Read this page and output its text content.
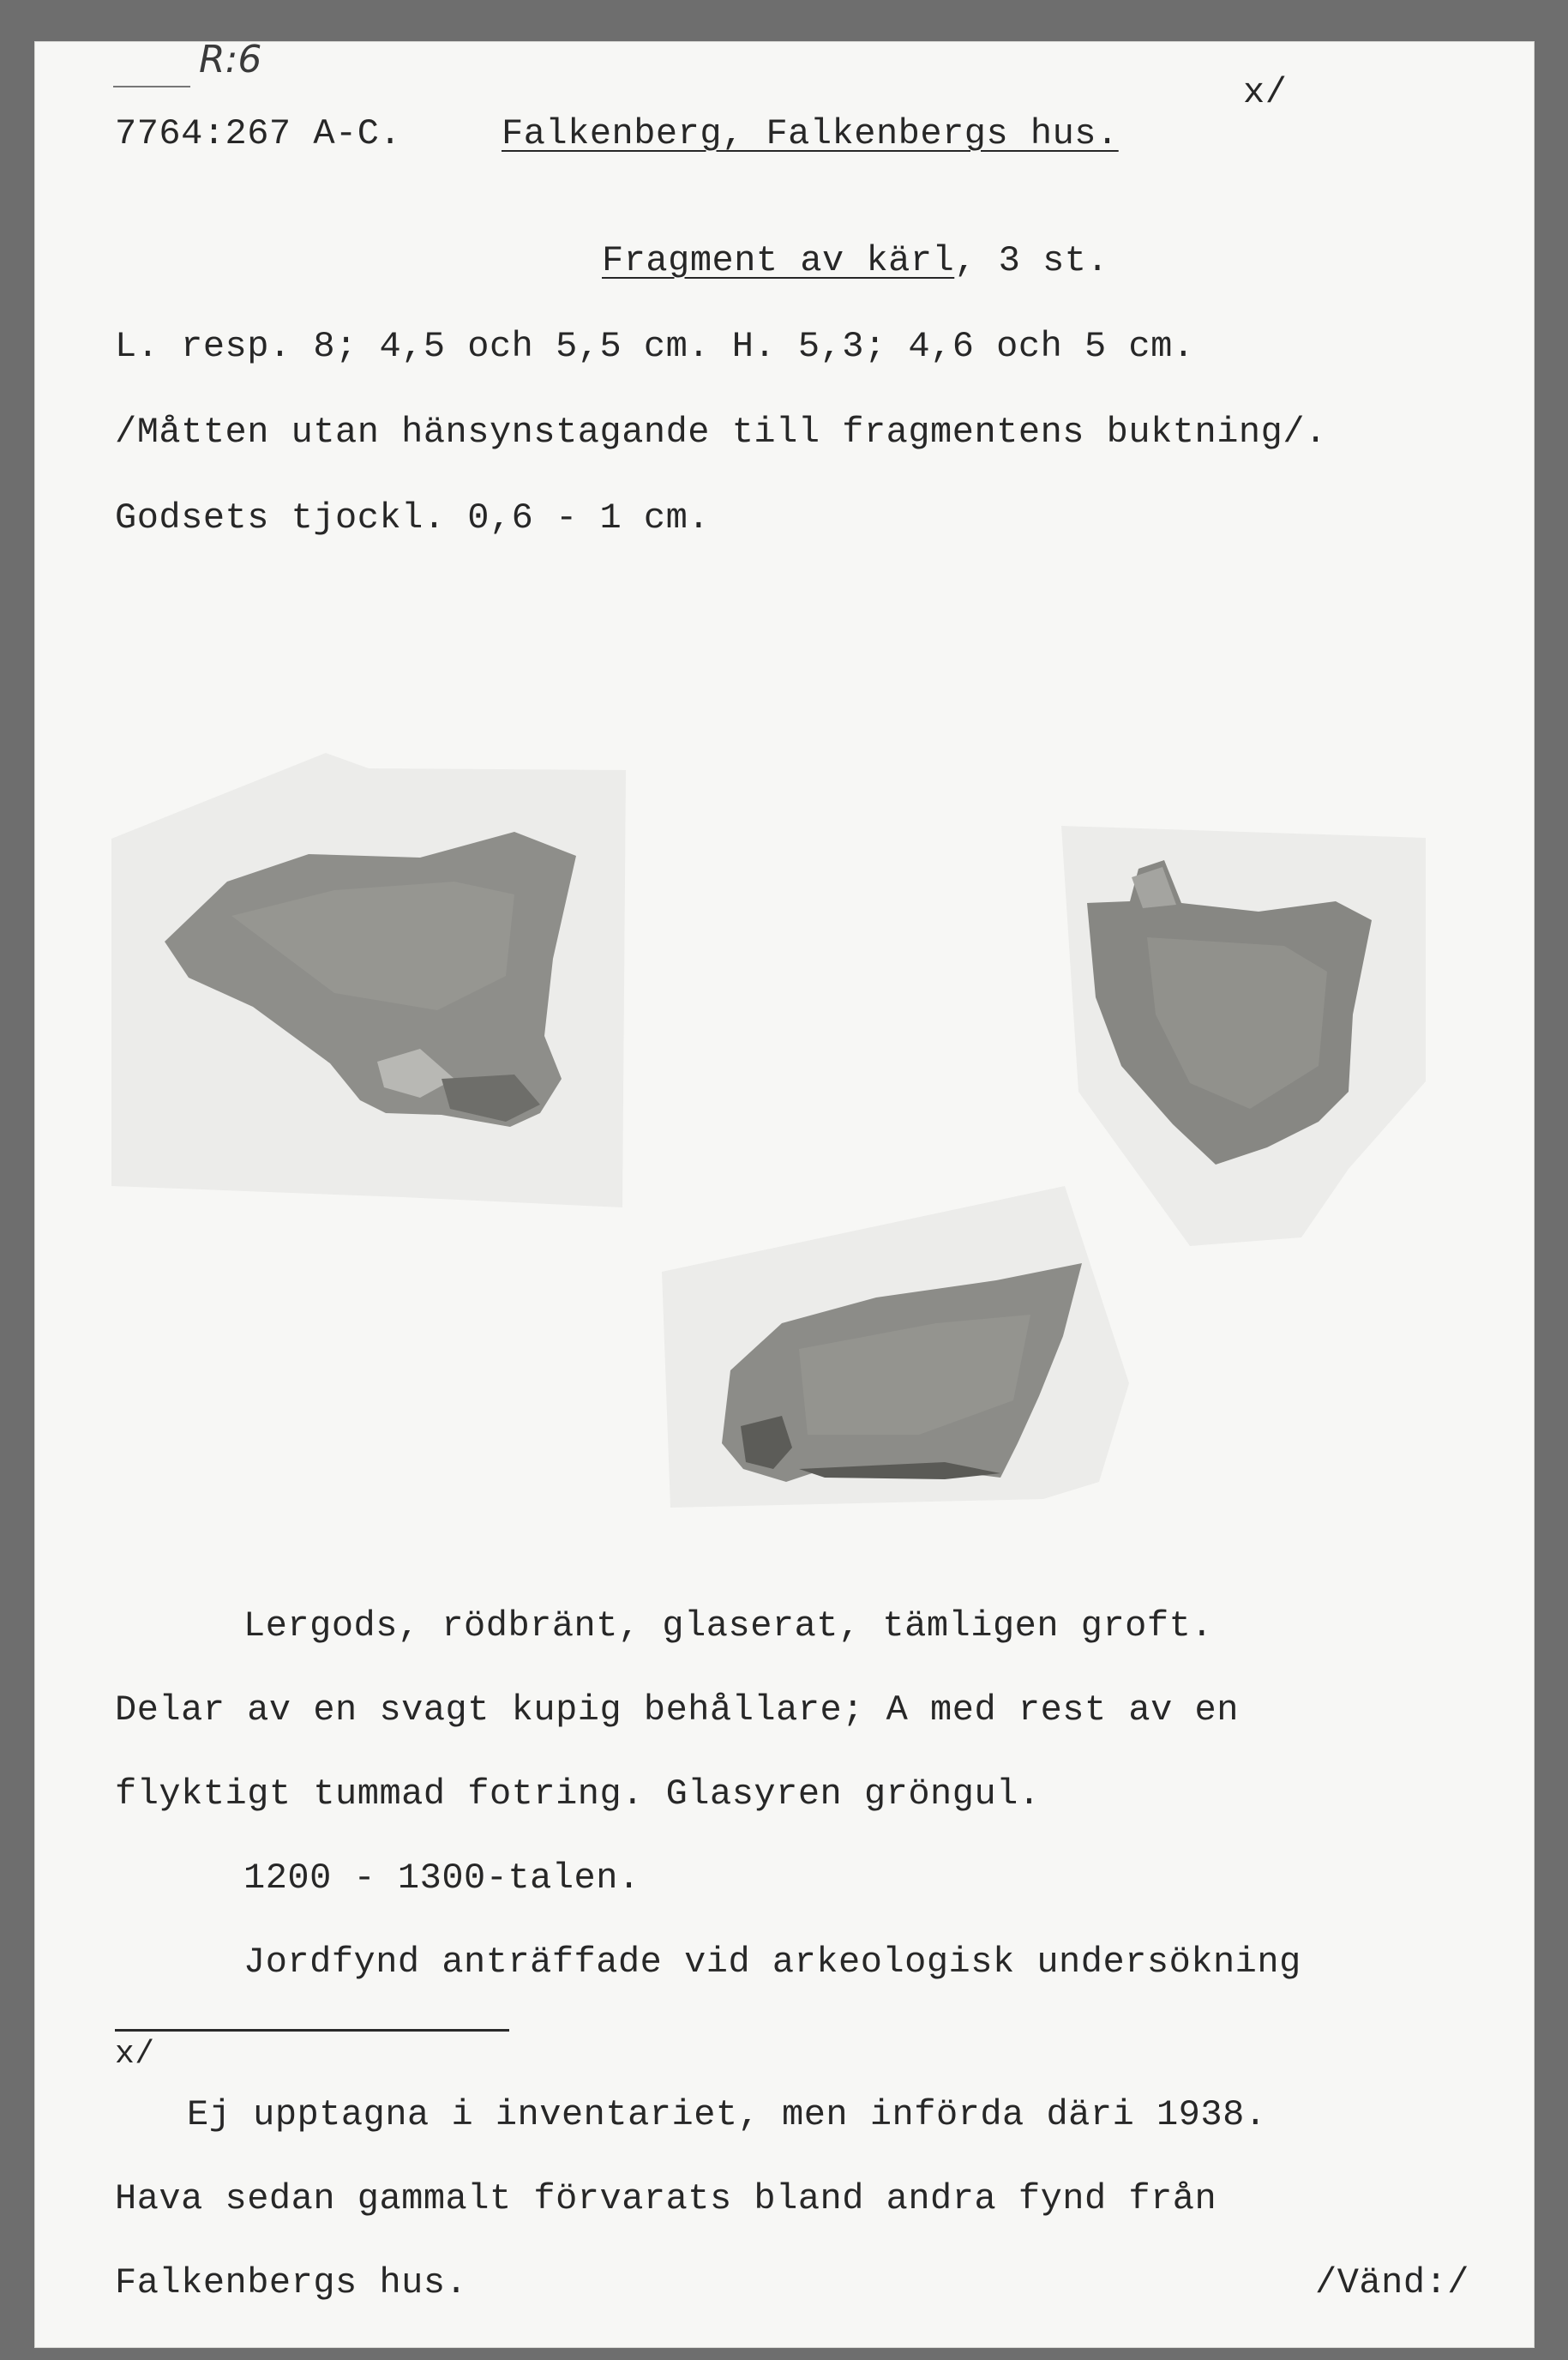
R:6
x/
7764:267 A-C.	Falkenberg, Falkenbergs hus.
Fragment av kärl, 3 st.
L. resp. 8; 4,5 och 5,5 cm. H. 5,3; 4,6 och 5 cm.
/Måtten utan hänsynstagande till fragmentens buktning/.
Godsets tjockl. 0,6 - 1 cm.
Lergods, rödbränt, glaserat, tämligen groft.
Delar av en svagt kupig behållare; A med rest av en
flyktigt tummad fotring. Glasyren gröngul.
1200 - 1300-talen.
Jordfynd anträffade vid arkeologisk undersökning
x/
Ej upptagna i inventariet, men införda däri 1938.
Hava sedan gammalt förvarats bland andra fynd från
Falkenbergs hus.	/Vänd:/
